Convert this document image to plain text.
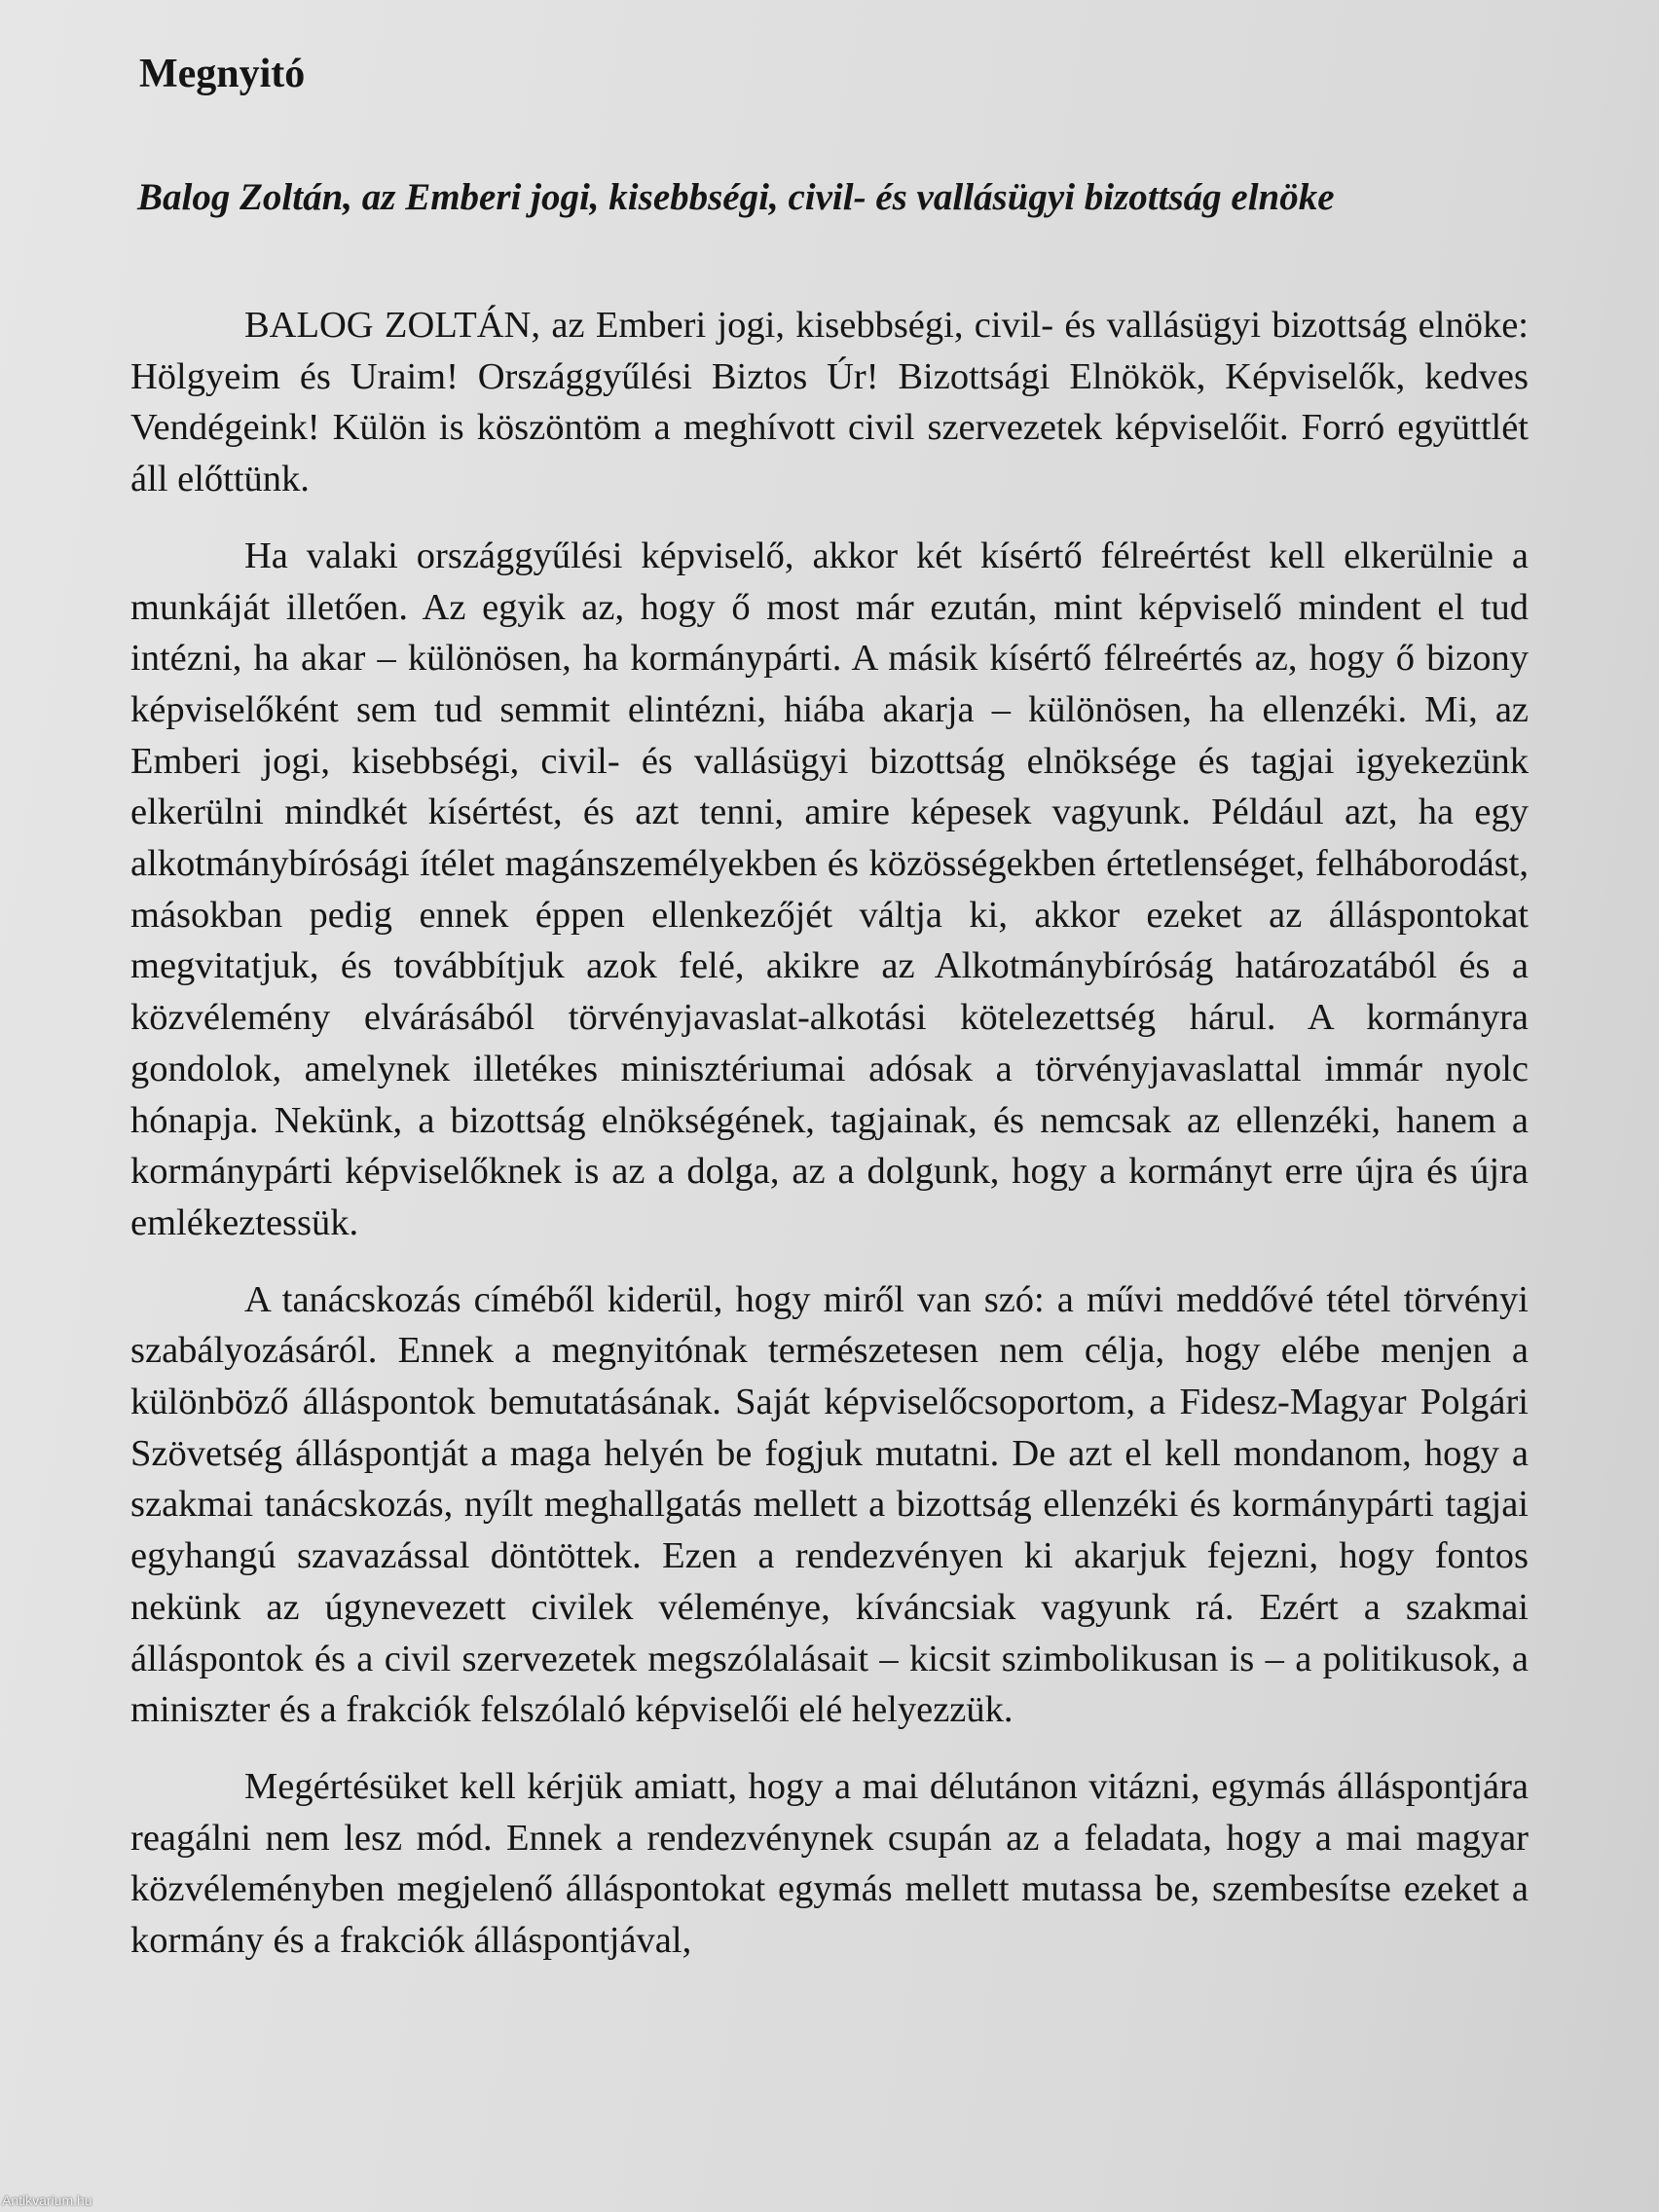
Megnyitó
Balog Zoltán, az Emberi jogi, kisebbségi, civil- és vallásügyi bizottság elnöke

BALOG ZOLTÁN, az Emberi jogi, kisebbségi, civil- és vallásügyi bizottság elnöke: Hölgyeim és Uraim! Országgyűlési Biztos Úr! Bizottsági Elnökök, Képviselők, kedves Vendégeink! Külön is köszöntöm a meghívott civil szervezetek képviselőit. Forró együttlét áll előttünk.

Ha valaki országgyűlési képviselő, akkor két kísértő félreértést kell elkerülnie a munkáját illetően. Az egyik az, hogy ő most már ezután, mint képviselő mindent el tud intézni, ha akar – különösen, ha kormánypárti. A másik kísértő félreértés az, hogy ő bizony képviselőként sem tud semmit elintézni, hiába akarja – különösen, ha ellenzéki. Mi, az Emberi jogi, kisebbségi, civil- és vallásügyi bizottság elnöksége és tagjai igyekezünk elkerülni mindkét kísértést, és azt tenni, amire képesek vagyunk. Például azt, ha egy alkotmánybírósági ítélet magánszemélyekben és közösségekben értetlenséget, felháborodást, másokban pedig ennek éppen ellenkezőjét váltja ki, akkor ezeket az álláspontokat megvitatjuk, és továbbítjuk azok felé, akikre az Alkotmánybíróság határozatából és a közvélemény elvárásából törvényjavaslat-alkotási kötelezettség hárul. A kormányra gondolok, amelynek illetékes minisztériumai adósak a törvényjavaslattal immár nyolc hónapja. Nekünk, a bizottság elnökségének, tagjainak, és nemcsak az ellenzéki, hanem a kormánypárti képviselőknek is az a dolga, az a dolgunk, hogy a kormányt erre újra és újra emlékeztessük.

A tanácskozás címéből kiderül, hogy miről van szó: a művi meddővé tétel törvényi szabályozásáról. Ennek a megnyitónak természetesen nem célja, hogy elébe menjen a különböző álláspontok bemutatásának. Saját képviselőcsoportom, a Fidesz-Magyar Polgári Szövetség álláspontját a maga helyén be fogjuk mutatni. De azt el kell mondanom, hogy a szakmai tanácskozás, nyílt meghallgatás mellett a bizottság ellenzéki és kormánypárti tagjai egyhangú szavazással döntöttek. Ezen a rendezvényen ki akarjuk fejezni, hogy fontos nekünk az úgynevezett civilek véleménye, kíváncsiak vagyunk rá. Ezért a szakmai álláspontok és a civil szervezetek megszólalásait – kicsit szimbolikusan is – a politikusok, a miniszter és a frakciók felszólaló képviselői elé helyezzük.

Megértésüket kell kérjük amiatt, hogy a mai délutánon vitázni, egymás álláspontjára reagálni nem lesz mód. Ennek a rendezvénynek csupán az a feladata, hogy a mai magyar közvéleményben megjelenő álláspontokat egymás mellett mutassa be, szembesítse ezeket a kormány és a frakciók álláspontjával,

Antikvarium.hu
